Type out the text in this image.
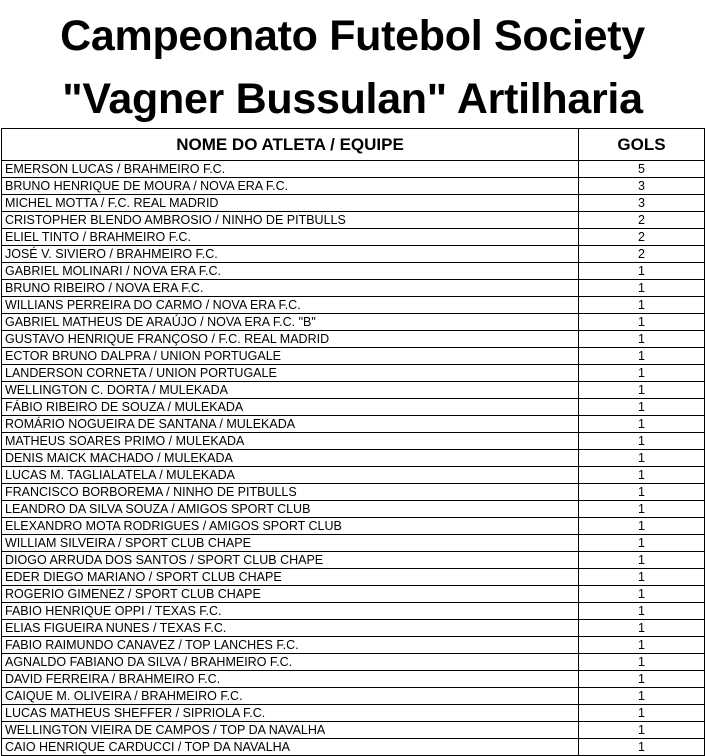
Campeonato Futebol Society
"Vagner Bussulan" Artilharia
NOME DO ATLETA / EQUIPE	GOLS
EMERSON LUCAS / BRAHMEIRO F.C.	5
BRUNO HENRIQUE DE MOURA / NOVA ERA F.C.	3
MICHEL MOTTA / F.C. REAL MADRID	3
CRISTOPHER BLENDO AMBROSIO / NINHO DE PITBULLS	2
ELIEL TINTO / BRAHMEIRO F.C.	2
JOSÉ V. SIVIERO / BRAHMEIRO F.C.	2
GABRIEL MOLINARI / NOVA ERA F.C.	1
BRUNO RIBEIRO / NOVA ERA F.C.	1
WILLIANS PERREIRA DO CARMO / NOVA ERA F.C.	1
GABRIEL MATHEUS DE ARAÚJO / NOVA ERA F.C. "B"	1
GUSTAVO HENRIQUE FRANÇOSO / F.C. REAL MADRID	1
ECTOR BRUNO DALPRA / UNION PORTUGALE	1
LANDERSON CORNETA / UNION PORTUGALE	1
WELLINGTON C. DORTA / MULEKADA	1
FÁBIO RIBEIRO DE SOUZA / MULEKADA	1
ROMÁRIO NOGUEIRA DE SANTANA / MULEKADA	1
MATHEUS SOARES PRIMO / MULEKADA	1
DENIS MAICK MACHADO / MULEKADA	1
LUCAS M. TAGLIALATELA / MULEKADA	1
FRANCISCO BORBOREMA / NINHO DE PITBULLS	1
LEANDRO DA SILVA SOUZA / AMIGOS SPORT CLUB	1
ELEXANDRO MOTA RODRIGUES / AMIGOS SPORT CLUB	1
WILLIAM SILVEIRA / SPORT CLUB CHAPE	1
DIOGO ARRUDA DOS SANTOS / SPORT CLUB CHAPE	1
EDER DIEGO MARIANO / SPORT CLUB CHAPE	1
ROGERIO GIMENEZ / SPORT CLUB CHAPE	1
FABIO HENRIQUE OPPI / TEXAS F.C.	1
ELIAS FIGUEIRA NUNES / TEXAS F.C.	1
FABIO RAIMUNDO CANAVEZ / TOP LANCHES F.C.	1
AGNALDO FABIANO DA SILVA / BRAHMEIRO F.C.	1
DAVID FERREIRA / BRAHMEIRO F.C.	1
CAIQUE M. OLIVEIRA / BRAHMEIRO F.C.	1
LUCAS MATHEUS SHEFFER / SIPRIOLA F.C.	1
WELLINGTON VIEIRA DE CAMPOS / TOP DA NAVALHA	1
CAIO HENRIQUE CARDUCCI / TOP DA NAVALHA	1
